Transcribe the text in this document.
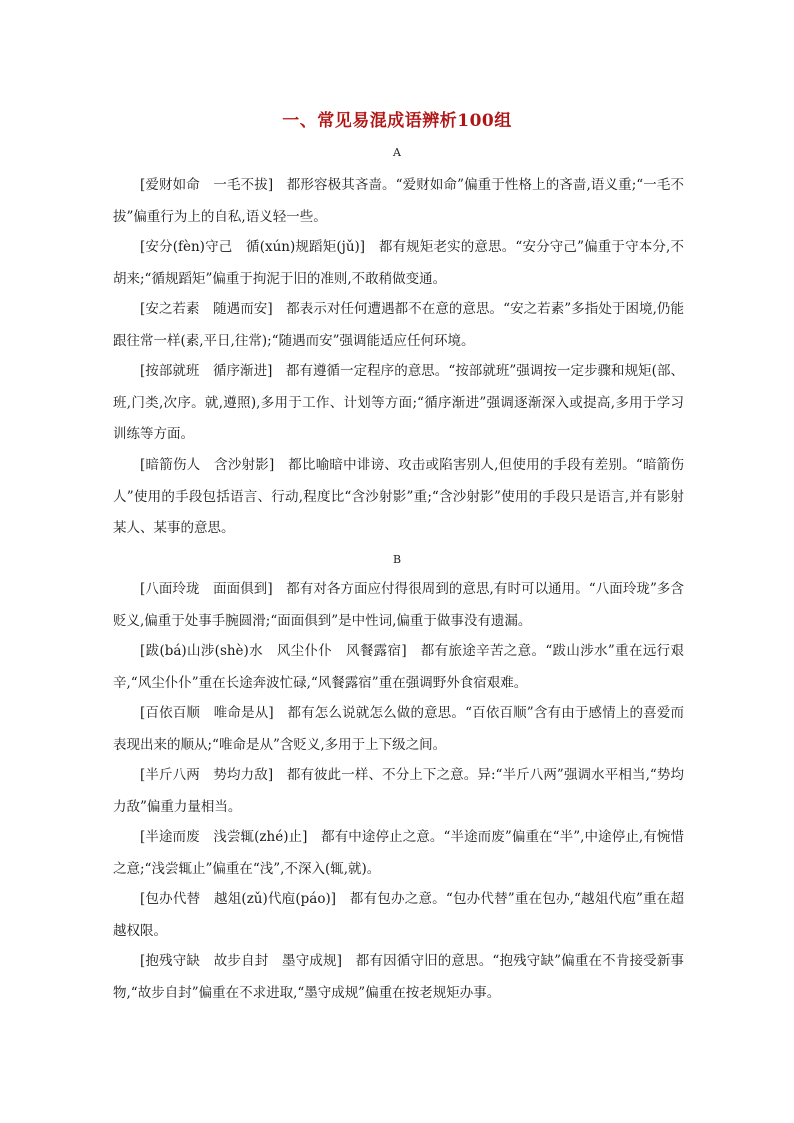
一、常见易混成语辨析100组
A

[爱财如命　一毛不拔]　都形容极其吝啬。“爱财如命”偏重于性格上的吝啬,语义重;“一毛不拔”偏重行为上的自私,语义轻一些。

[安分(fèn)守己　循(xún)规蹈矩(jǔ)]　都有规矩老实的意思。“安分守己”偏重于守本分,不胡来;“循规蹈矩”偏重于拘泥于旧的准则,不敢稍做变通。

[安之若素　随遇而安]　都表示对任何遭遇都不在意的意思。“安之若素”多指处于困境,仍能跟往常一样(素,平日,往常);“随遇而安”强调能适应任何环境。

[按部就班　循序渐进]　都有遵循一定程序的意思。“按部就班”强调按一定步骤和规矩(部、班,门类,次序。就,遵照),多用于工作、计划等方面;“循序渐进”强调逐渐深入或提高,多用于学习训练等方面。

[暗箭伤人　含沙射影]　都比喻暗中诽谤、攻击或陷害别人,但使用的手段有差别。“暗箭伤人”使用的手段包括语言、行动,程度比“含沙射影”重;“含沙射影”使用的手段只是语言,并有影射某人、某事的意思。

B

[八面玲珑　面面俱到]　都有对各方面应付得很周到的意思,有时可以通用。“八面玲珑”多含贬义,偏重于处事手腕圆滑;“面面俱到”是中性词,偏重于做事没有遗漏。

[跋(bá)山涉(shè)水　风尘仆仆　风餐露宿]　都有旅途辛苦之意。“跋山涉水”重在远行艰辛,“风尘仆仆”重在长途奔波忙碌,“风餐露宿”重在强调野外食宿艰难。

[百依百顺　唯命是从]　都有怎么说就怎么做的意思。“百依百顺”含有由于感情上的喜爱而表现出来的顺从;“唯命是从”含贬义,多用于上下级之间。

[半斤八两　势均力敌]　都有彼此一样、不分上下之意。异:“半斤八两”强调水平相当,“势均力敌”偏重力量相当。

[半途而废　浅尝辄(zhé)止]　都有中途停止之意。“半途而废”偏重在“半”,中途停止,有惋惜之意;“浅尝辄止”偏重在“浅”,不深入(辄,就)。

[包办代替　越俎(zǔ)代庖(páo)]　都有包办之意。“包办代替”重在包办,“越俎代庖”重在超越权限。

[抱残守缺　故步自封　墨守成规]　都有因循守旧的意思。“抱残守缺”偏重在不肯接受新事物,“故步自封”偏重在不求进取,“墨守成规”偏重在按老规矩办事。
